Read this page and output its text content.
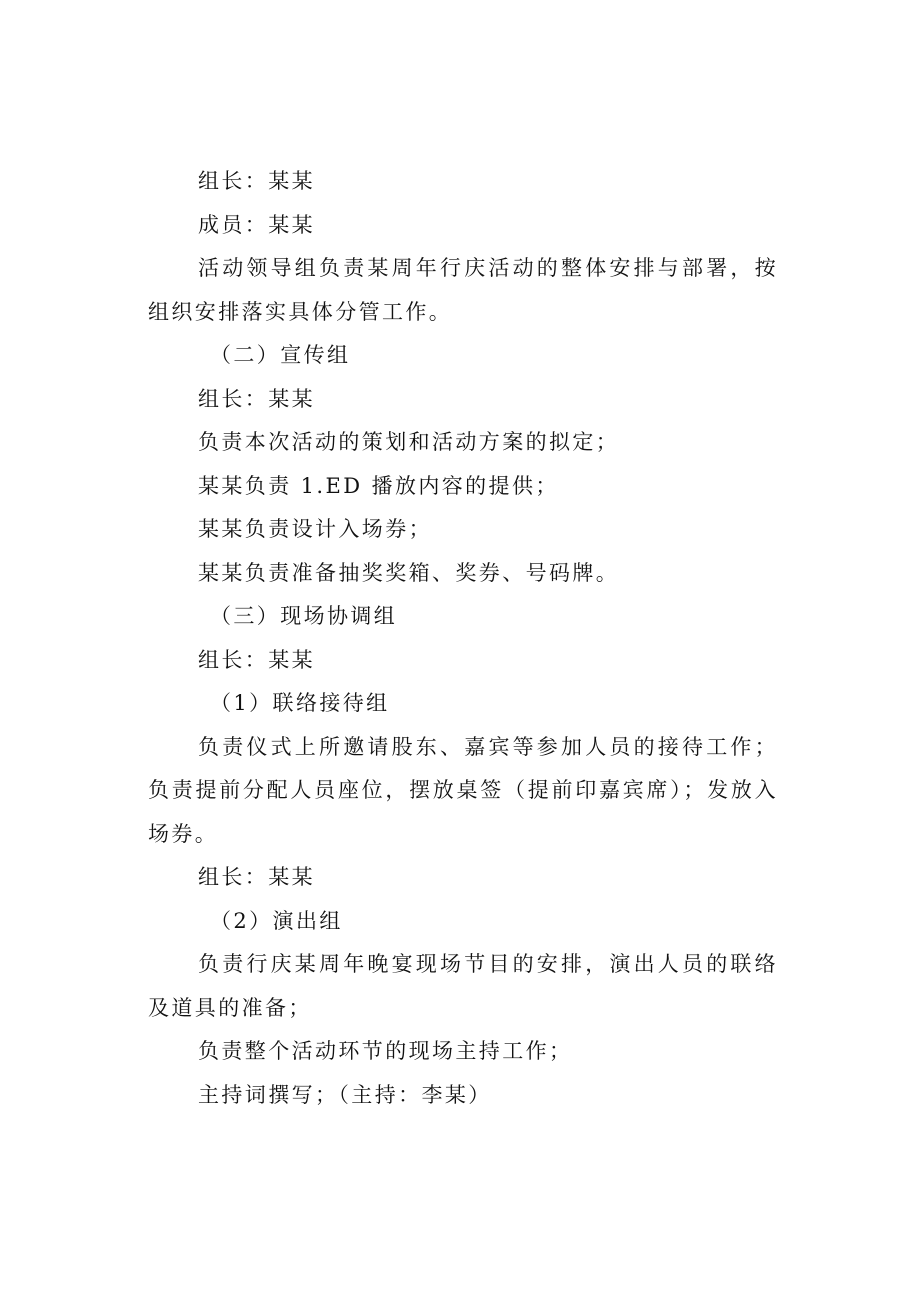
组长：某某

成员：某某

活动领导组负责某周年行庆活动的整体安排与部署，按组织安排落实具体分管工作。

（二）宣传组

组长：某某

负责本次活动的策划和活动方案的拟定；

某某负责 1.ED 播放内容的提供；

某某负责设计入场券；

某某负责准备抽奖奖箱、奖券、号码牌。

（三）现场协调组

组长：某某

（1）联络接待组

负责仪式上所邀请股东、嘉宾等参加人员的接待工作；负责提前分配人员座位，摆放桌签（提前印嘉宾席）；发放入场券。

组长：某某

（2）演出组

负责行庆某周年晚宴现场节目的安排，演出人员的联络及道具的准备；

负责整个活动环节的现场主持工作；

主持词撰写；（主持：李某）
